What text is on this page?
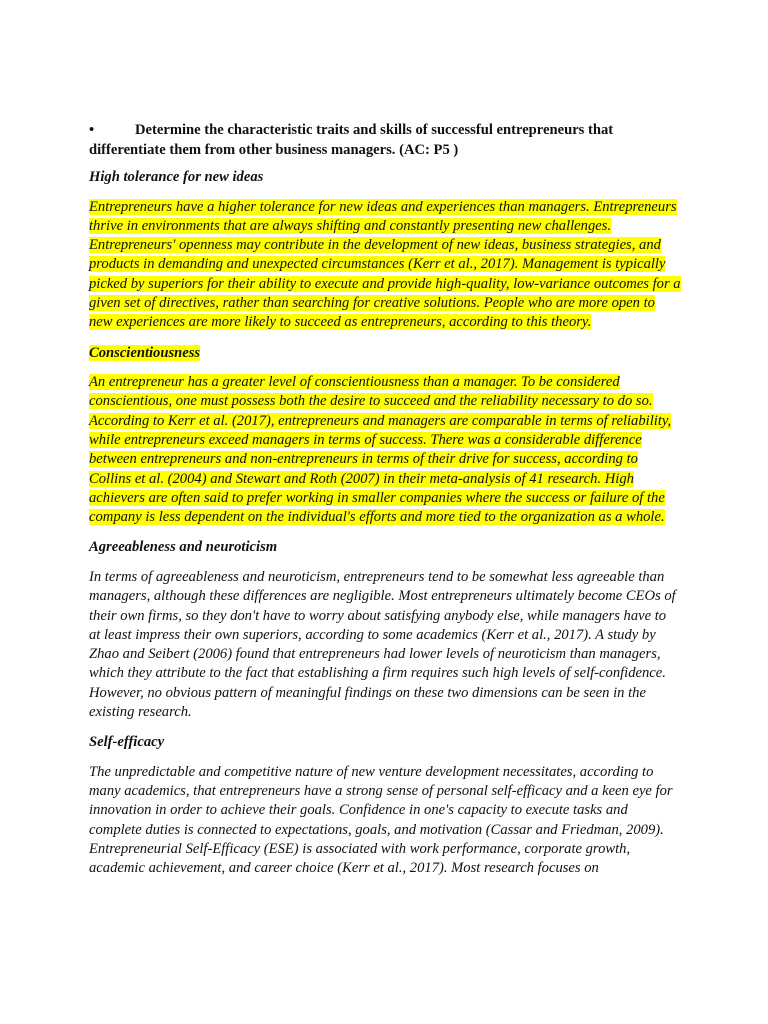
•	Determine the characteristic traits and skills of successful entrepreneurs that differentiate them from other business managers. (AC: P5 )

High tolerance for new ideas

Entrepreneurs have a higher tolerance for new ideas and experiences than managers. Entrepreneurs thrive in environments that are always shifting and constantly presenting new challenges. Entrepreneurs' openness may contribute in the development of new ideas, business strategies, and products in demanding and unexpected circumstances (Kerr et al., 2017). Management is typically picked by superiors for their ability to execute and provide high-quality, low-variance outcomes for a given set of directives, rather than searching for creative solutions. People who are more open to new experiences are more likely to succeed as entrepreneurs, according to this theory.

Conscientiousness

An entrepreneur has a greater level of conscientiousness than a manager. To be considered conscientious, one must possess both the desire to succeed and the reliability necessary to do so. According to Kerr et al. (2017), entrepreneurs and managers are comparable in terms of reliability, while entrepreneurs exceed managers in terms of success. There was a considerable difference between entrepreneurs and non-entrepreneurs in terms of their drive for success, according to Collins et al. (2004) and Stewart and Roth (2007) in their meta-analysis of 41 research. High achievers are often said to prefer working in smaller companies where the success or failure of the company is less dependent on the individual's efforts and more tied to the organization as a whole.

Agreeableness and neuroticism

In terms of agreeableness and neuroticism, entrepreneurs tend to be somewhat less agreeable than managers, although these differences are negligible. Most entrepreneurs ultimately become CEOs of their own firms, so they don't have to worry about satisfying anybody else, while managers have to at least impress their own superiors, according to some academics (Kerr et al., 2017). A study by Zhao and Seibert (2006) found that entrepreneurs had lower levels of neuroticism than managers, which they attribute to the fact that establishing a firm requires such high levels of self-confidence. However, no obvious pattern of meaningful findings on these two dimensions can be seen in the existing research.

Self-efficacy

The unpredictable and competitive nature of new venture development necessitates, according to many academics, that entrepreneurs have a strong sense of personal self-efficacy and a keen eye for innovation in order to achieve their goals. Confidence in one's capacity to execute tasks and complete duties is connected to expectations, goals, and motivation (Cassar and Friedman, 2009). Entrepreneurial Self-Efficacy (ESE) is associated with work performance, corporate growth, academic achievement, and career choice (Kerr et al., 2017). Most research focuses on
